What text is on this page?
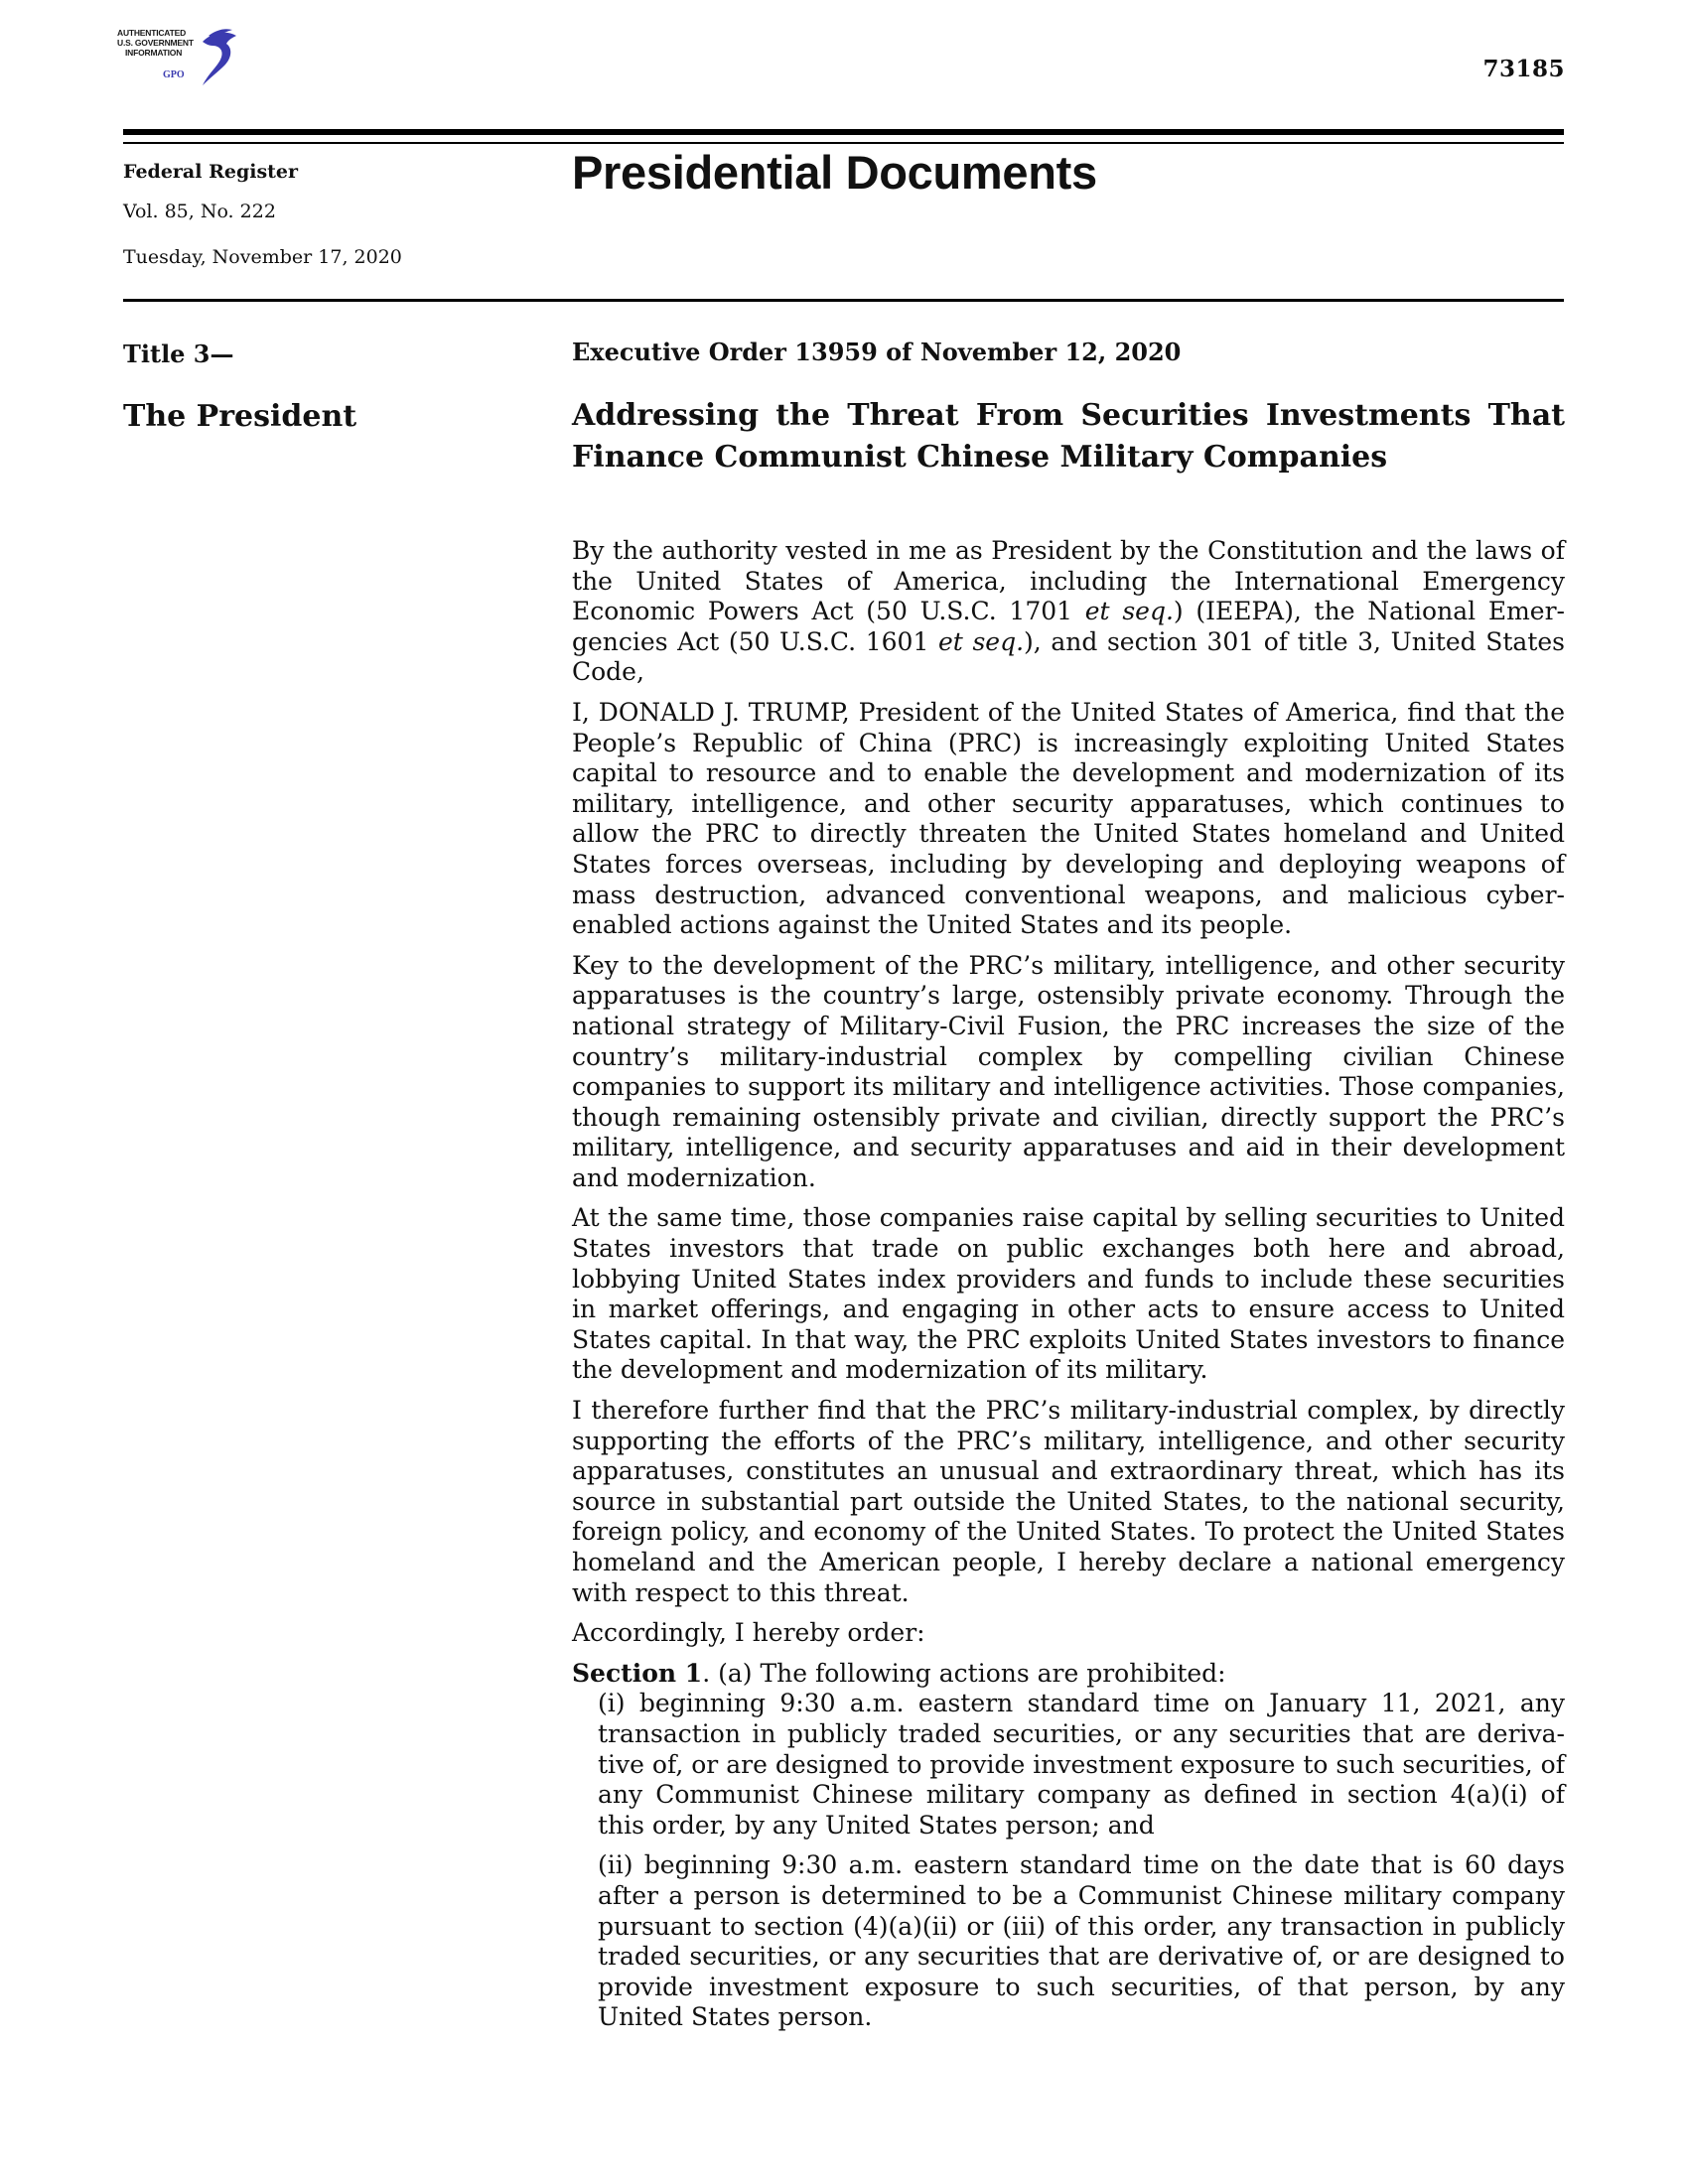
AUTHENTICATED
U.S. GOVERNMENT
INFORMATION
GPO	73185
Federal Register
Vol. 85, No. 222
Tuesday, November 17, 2020
Presidential Documents
Title 3—
The President
Executive Order 13959 of November 12, 2020
Addressing the Threat From Securities Investments That Finance Communist Chinese Military Companies

By the authority vested in me as President by the Constitution and the laws of the United States of America, including the International Emergency Economic Powers Act (50 U.S.C. 1701 et seq.) (IEEPA), the National Emergencies Act (50 U.S.C. 1601 et seq.), and section 301 of title 3, United States Code,

I, DONALD J. TRUMP, President of the United States of America, find that the People’s Republic of China (PRC) is increasingly exploiting United States capital to resource and to enable the development and modernization of its military, intelligence, and other security apparatuses, which continues to allow the PRC to directly threaten the United States homeland and United States forces overseas, including by developing and deploying weapons of mass destruction, advanced conventional weapons, and malicious cyber-enabled actions against the United States and its people.

Key to the development of the PRC’s military, intelligence, and other security apparatuses is the country’s large, ostensibly private economy. Through the national strategy of Military-Civil Fusion, the PRC increases the size of the country’s military-industrial complex by compelling civilian Chinese companies to support its military and intelligence activities. Those companies, though remaining ostensibly private and civilian, directly support the PRC’s military, intelligence, and security apparatuses and aid in their development and modernization.

At the same time, those companies raise capital by selling securities to United States investors that trade on public exchanges both here and abroad, lobbying United States index providers and funds to include these securities in market offerings, and engaging in other acts to ensure access to United States capital. In that way, the PRC exploits United States investors to finance the development and modernization of its military.

I therefore further find that the PRC’s military-industrial complex, by directly supporting the efforts of the PRC’s military, intelligence, and other security apparatuses, constitutes an unusual and extraordinary threat, which has its source in substantial part outside the United States, to the national security, foreign policy, and economy of the United States. To protect the United States homeland and the American people, I hereby declare a national emergency with respect to this threat.

Accordingly, I hereby order:

Section 1. (a) The following actions are prohibited:

(i) beginning 9:30 a.m. eastern standard time on January 11, 2021, any transaction in publicly traded securities, or any securities that are derivative of, or are designed to provide investment exposure to such securities, of any Communist Chinese military company as defined in section 4(a)(i) of this order, by any United States person; and

(ii) beginning 9:30 a.m. eastern standard time on the date that is 60 days after a person is determined to be a Communist Chinese military company pursuant to section (4)(a)(ii) or (iii) of this order, any transaction in publicly traded securities, or any securities that are derivative of, or are designed to provide investment exposure to such securities, of that person, by any United States person.
